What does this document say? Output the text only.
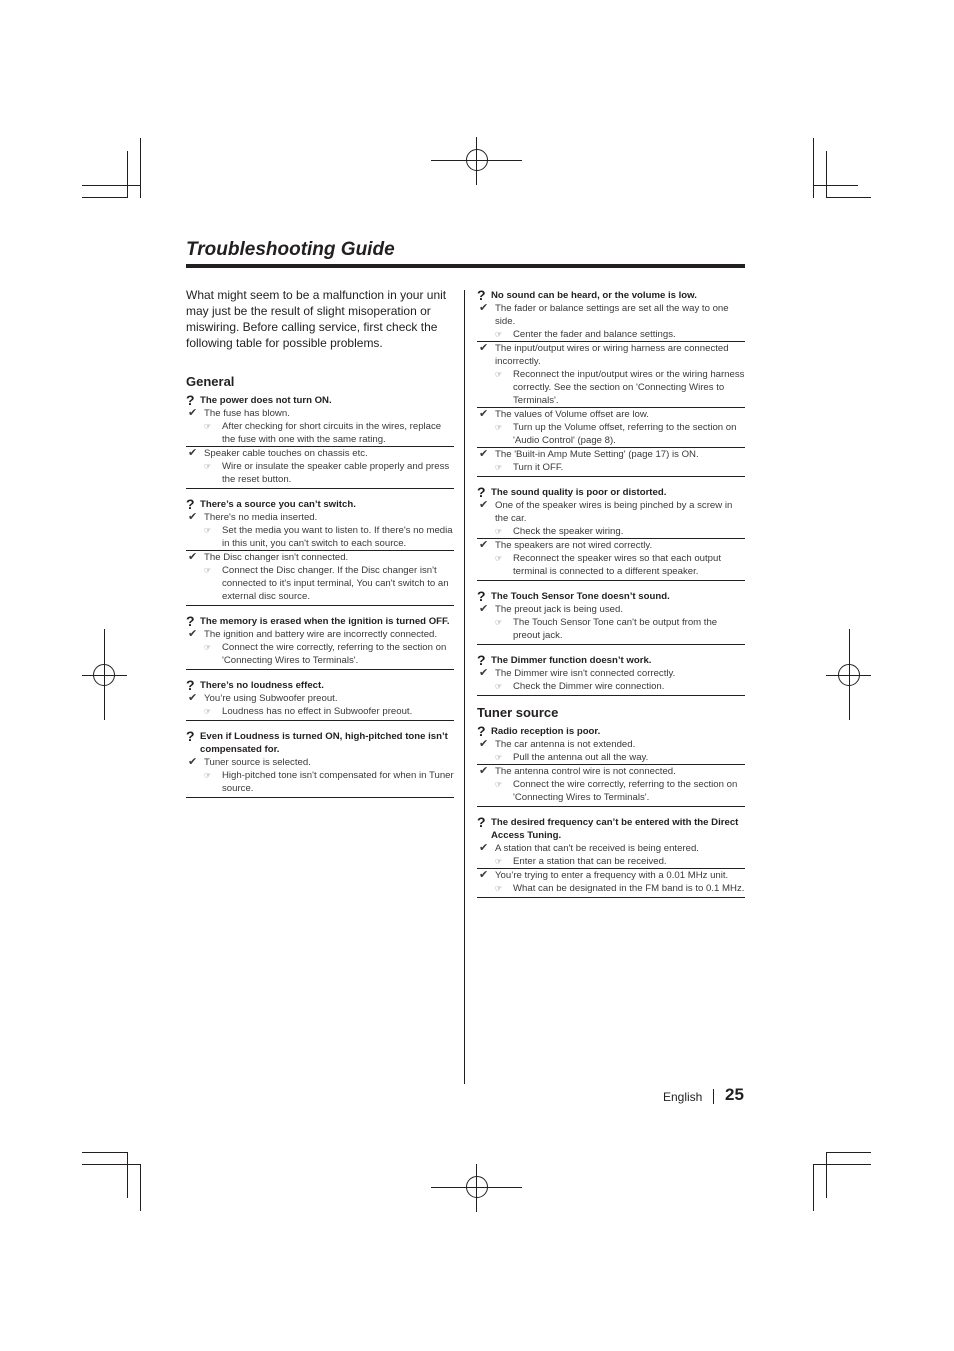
Troubleshooting Guide

What might seem to be a malfunction in your unit may just be the result of slight misoperation or miswiring. Before calling service, first check the following table for possible problems.

General
? The power does not turn ON.
✔ The fuse has blown.
☞	After checking for short circuits in the wires, replace the fuse with one with the same rating.
✔ Speaker cable touches on chassis etc.
☞	Wire or insulate the speaker cable properly and press the reset button.
? There’s a source you can’t switch.
✔ There's no media inserted.
☞	Set the media you want to listen to. If there's no media in this unit, you can't switch to each source.
✔ The Disc changer isn't connected.
☞	Connect the Disc changer. If the Disc changer isn't connected to it's input terminal, You can't switch to an external disc source.
? The memory is erased when the ignition is turned OFF.
✔ The ignition and battery wire are incorrectly connected.
☞	Connect the wire correctly, referring to the section on 'Connecting Wires to Terminals'.
? There’s no loudness effect.
✔ You’re using Subwoofer preout.
☞	Loudness has no effect in Subwoofer preout.
? Even if Loudness is turned ON, high-pitched tone isn’t compensated for.
✔ Tuner source is selected.
☞	High-pitched tone isn't compensated for when in Tuner source.
? No sound can be heard, or the volume is low.
✔ The fader or balance settings are set all the way to one side.
☞	Center the fader and balance settings.
✔ The input/output wires or wiring harness are connected incorrectly.
☞	Reconnect the input/output wires or the wiring harness correctly. See the section on 'Connecting Wires to Terminals'.
✔ The values of Volume offset are low.
☞	Turn up the Volume offset, referring to the section on 'Audio Control' (page 8).
✔ The 'Built-in Amp Mute Setting' (page 17) is ON.
☞	Turn it OFF.
? The sound quality is poor or distorted.
✔ One of the speaker wires is being pinched by a screw in the car.
☞	Check the speaker wiring.
✔ The speakers are not wired correctly.
☞	Reconnect the speaker wires so that each output terminal is connected to a different speaker.
? The Touch Sensor Tone doesn’t sound.
✔ The preout jack is being used.
☞	The Touch Sensor Tone can't be output from the preout jack.
? The Dimmer function doesn’t work.
✔ The Dimmer wire isn't connected correctly.
☞	Check the Dimmer wire connection.
Tuner source
? Radio reception is poor.
✔ The car antenna is not extended.
☞	Pull the antenna out all the way.
✔ The antenna control wire is not connected.
☞	Connect the wire correctly, referring to the section on 'Connecting Wires to Terminals'.
? The desired frequency can’t be entered with the Direct Access Tuning.
✔ A station that can't be received is being entered.
☞	Enter a station that can be received.
✔ You’re trying to enter a frequency with a 0.01 MHz unit.
☞	What can be designated in the FM band is to 0.1 MHz.
English 25
